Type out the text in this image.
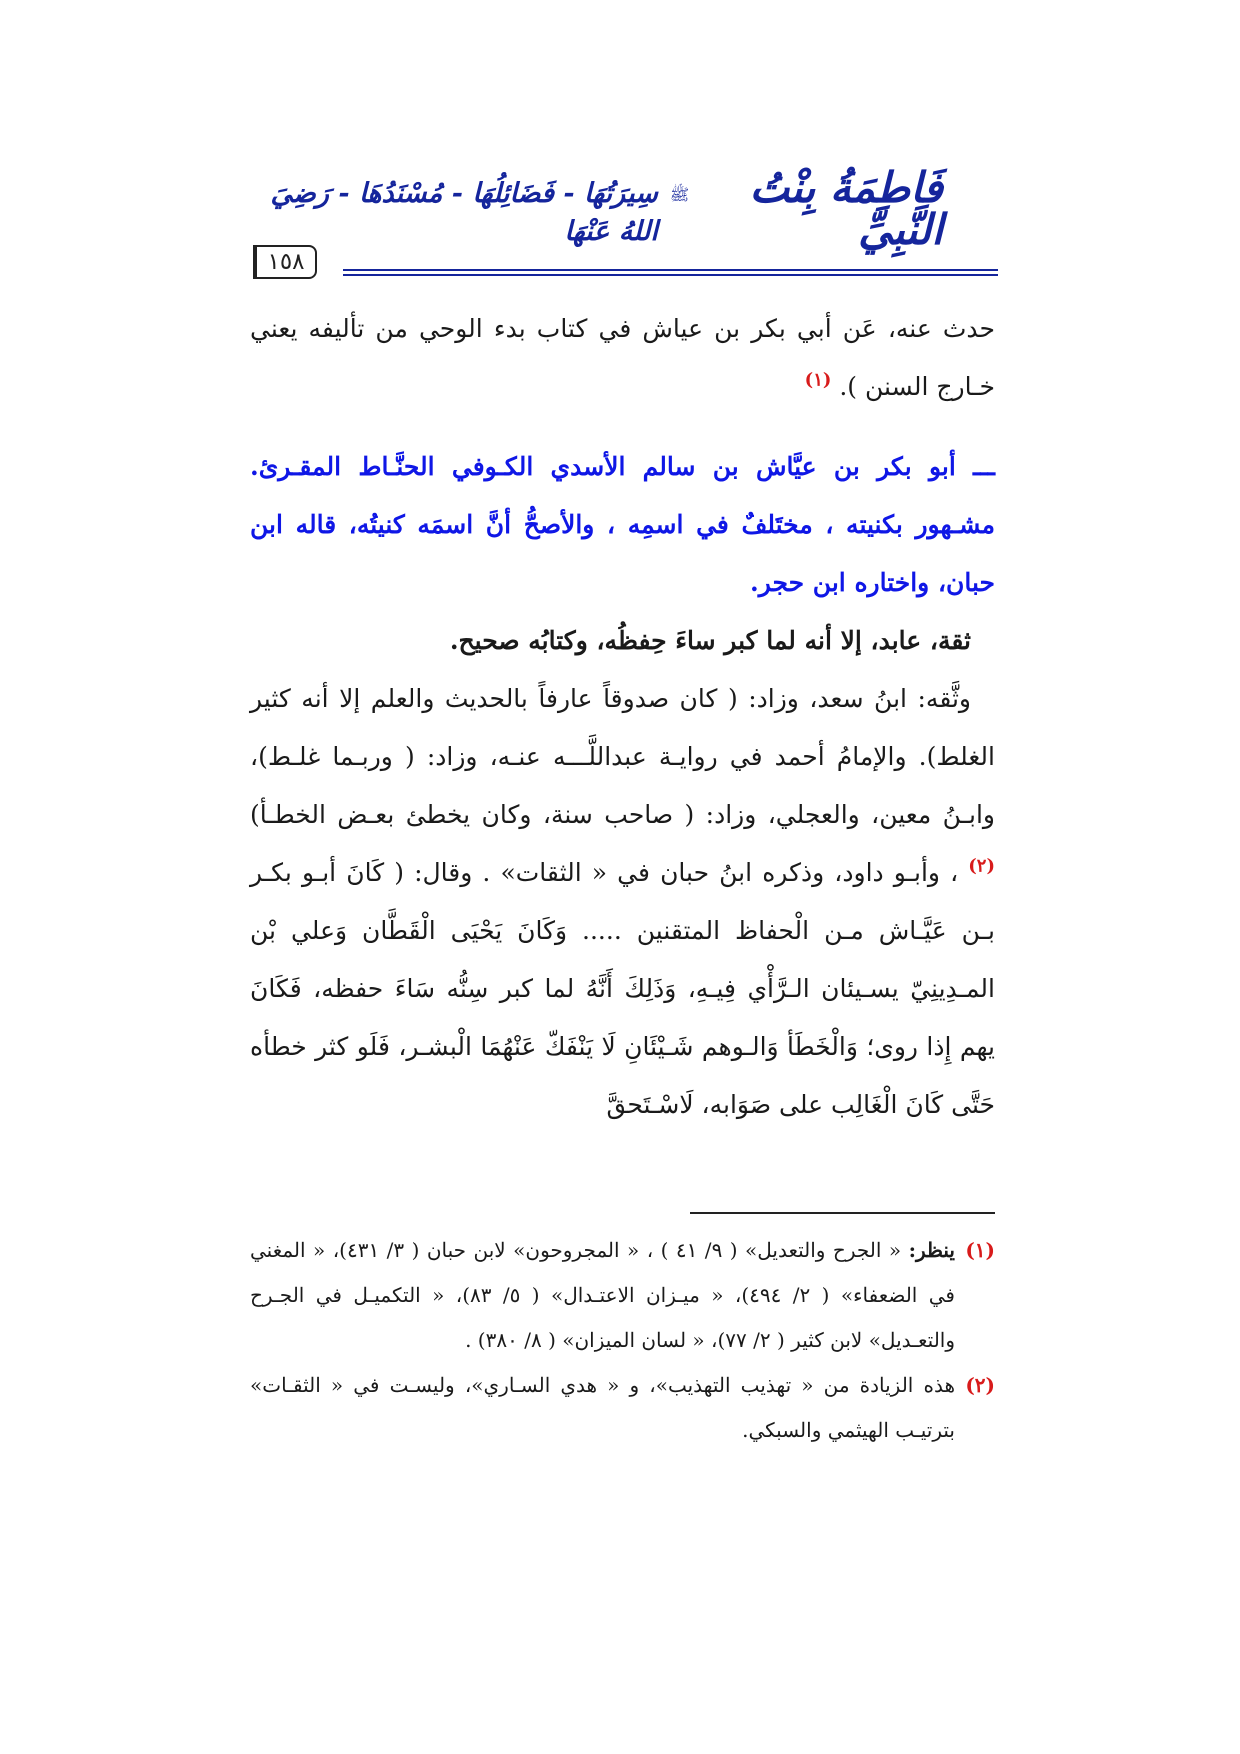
١٥٨
فَاطِمَةُ بِنْتُ النَّبِيِّ
ﷺ
سِيرَتُهَا - فَضَائِلُهَا - مُسْنَدُهَا - رَضِيَ اللهُ عَنْهَا

حدث عنه، عَن أبي بكر بن عياش في كتاب بدء الوحي من تأليفه يعني خـارج السنن ). $^{(١)}$

ـــ أبو بكر بن عيَّاش بن سالم الأسدي الكـوفي الحنَّـاط المقـرئ. مشـهور بكنيته ، مختَلفٌ في اسمِه ، والأصحُّ أنَّ اسمَه كنيتُه، قاله ابن حبان، واختاره ابن حجر.

ثقة، عابد، إلا أنه لما كبر ساءَ حِفظُه، وكتابُه صحيح.

وثَّقه: ابنُ سعد، وزاد: ( كان صدوقاً عارفاً بالحديث والعلم إلا أنه كثير الغلط). والإمامُ أحمد في روايـة عبداللَّـــه عنـه، وزاد: ( وربـما غلـط)، وابـنُ معين، والعجلي، وزاد: ( صاحب سنة، وكان يخطئ بعـض الخطـأ) $^{(٢)}$ ، وأبـو داود، وذكره ابنُ حبان في « الثقات» . وقال: ( كَانَ أبـو بكـر بـن عَيَّـاش مـن الْحفاظ المتقنين ..... وَكَانَ يَحْيَى الْقَطَّان وَعلي بْن المـدِينِيّ يسـيئان الـرَّأْي فِيـهِ، وَذَلِكَ أَنَّهُ لما كبر سِنُّه سَاءَ حفظه، فَكَانَ يهم إِذا روى؛ وَالْخَطَأ وَالـوهم شَـيْئَانِ لَا يَنْفَكّ عَنْهُمَا الْبشـر، فَلَو كثر خطأه حَتَّى كَانَ الْغَالِب على صَوَابه، لَاسْـتَحقَّ

(١)
ينظر: « الجرح والتعديل» ( ٩/ ٤١ ) ، « المجروحون» لابن حبان ( ٣/ ٤٣١)، « المغني في الضعفاء» ( ٢/ ٤٩٤)، « ميـزان الاعتـدال» ( ٥/ ٨٣)، « التكميـل في الجـرح والتعـديل» لابن كثير ( ٢/ ٧٧)، « لسان الميزان» ( ٨/ ٣٨٠) .
(٢)
هذه الزيادة من « تهذيب التهذيب»، و « هدي السـاري»، وليسـت في « الثقـات» بترتيـب الهيثمي والسبكي.
